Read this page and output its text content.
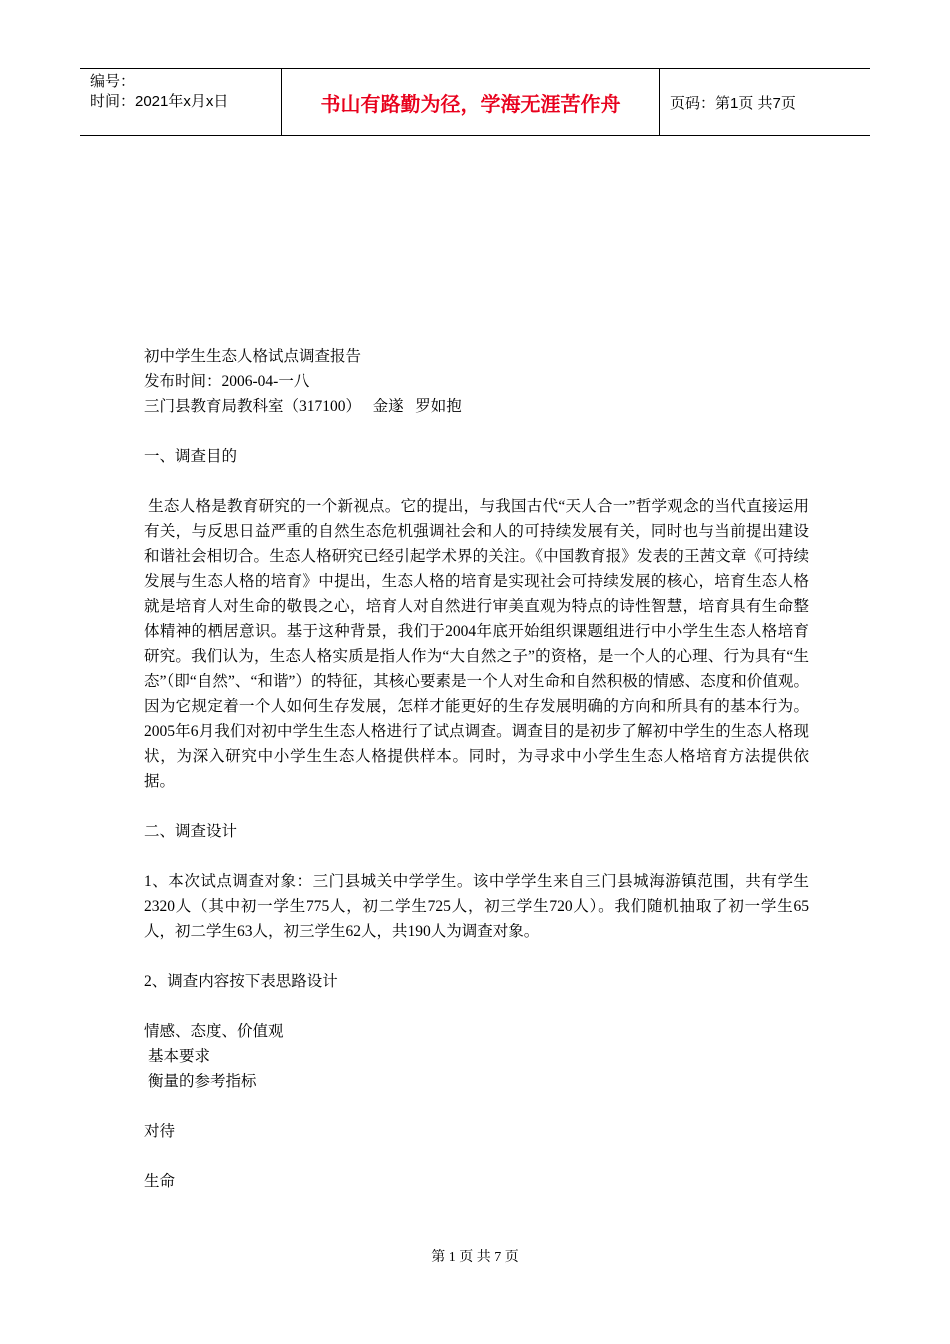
编号：
时间：2021年x月x日	书山有路勤为径，学海无涯苦作舟	页码：第1页 共7页

初中学生生态人格试点调查报告

发布时间：2006-04-一八

三门县教育局教科室（317100）   金遂   罗如抱

一、调查目的

生态人格是教育研究的一个新视点。它的提出，与我国古代“天人合一”哲学观念的当代直接运用有关，与反思日益严重的自然生态危机强调社会和人的可持续发展有关，同时也与当前提出建设和谐社会相切合。生态人格研究已经引起学术界的关注。《中国教育报》发表的王茜文章《可持续发展与生态人格的培育》中提出，生态人格的培育是实现社会可持续发展的核心，培育生态人格就是培育人对生命的敬畏之心，培育人对自然进行审美直观为特点的诗性智慧，培育具有生命整体精神的栖居意识。基于这种背景，我们于2004年底开始组织课题组进行中小学生生态人格培育研究。我们认为，生态人格实质是指人作为“大自然之子”的资格，是一个人的心理、行为具有“生态”（即“自然”、“和谐”）的特征，其核心要素是一个人对生命和自然积极的情感、态度和价值观。因为它规定着一个人如何生存发展，怎样才能更好的生存发展明确的方向和所具有的基本行为。2005年6月我们对初中学生生态人格进行了试点调查。调查目的是初步了解初中学生的生态人格现状，为深入研究中小学生生态人格提供样本。同时，为寻求中小学生生态人格培育方法提供依据。

二、调查设计

1、本次试点调查对象：三门县城关中学学生。该中学学生来自三门县城海游镇范围，共有学生2320人（其中初一学生775人，初二学生725人，初三学生720人）。我们随机抽取了初一学生65人，初二学生63人，初三学生62人，共190人为调查对象。

2、调查内容按下表思路设计

情感、态度、价值观

基本要求

衡量的参考指标

对待

生命

第 1 页 共 7 页
